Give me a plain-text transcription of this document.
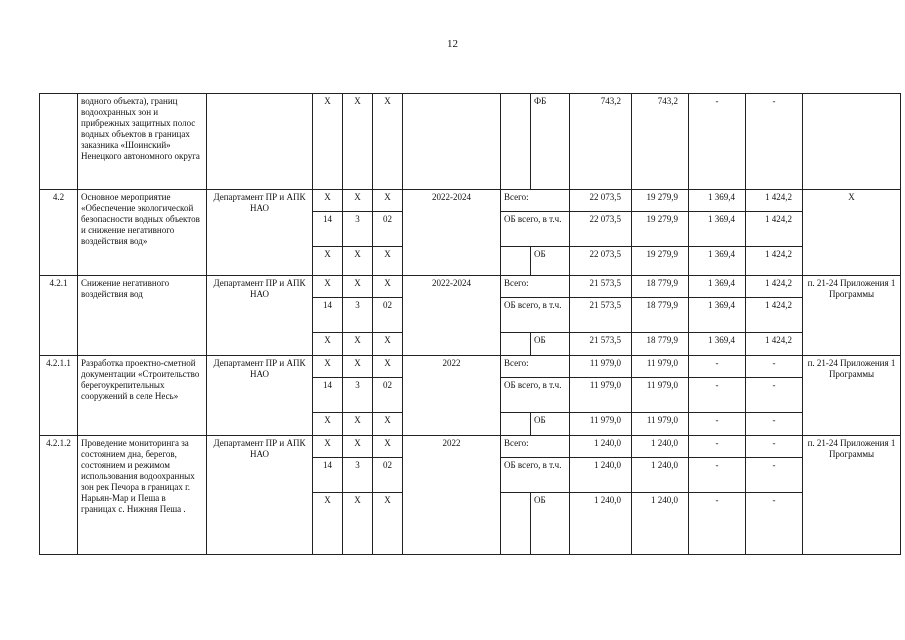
12
	водного объекта), границ водоохранных зон и прибрежных защитных полос водных объектов в границах заказника «Шоинский» Ненецкого автономного округа		Х	Х	Х			ФБ	743,2	743,2	-	-	
4.2	Основное мероприятие «Обеспечение экологической безопасности водных объектов и снижение негативного воздействия вод»	Департамент ПР и АПК НАО	Х	Х	Х	2022-2024	Всего:		22 073,5	19 279,9	1 369,4	1 424,2	Х
			14	3	02		ОБ всего, в т.ч.		22 073,5	19 279,9	1 369,4	1 424,2	
			Х	Х	Х			ОБ	22 073,5	19 279,9	1 369,4	1 424,2	
4.2.1	Снижение негативного воздействия вод	Департамент ПР и АПК НАО	Х	Х	Х	2022-2024	Всего:		21 573,5	18 779,9	1 369,4	1 424,2	п. 21-24 Приложения 1 Программы
			14	3	02		ОБ всего, в т.ч.		21 573,5	18 779,9	1 369,4	1 424,2	
			Х	Х	Х			ОБ	21 573,5	18 779,9	1 369,4	1 424,2	
4.2.1.1	Разработка проектно-сметной документации «Строительство берегоукрепительных сооружений в селе Несь»	Департамент ПР и АПК НАО	Х	Х	Х	2022	Всего:		11 979,0	11 979,0	-	-	п. 21-24 Приложения 1 Программы
			14	3	02		ОБ всего, в т.ч.		11 979,0	11 979,0	-	-	
			Х	Х	Х			ОБ	11 979,0	11 979,0	-	-	
4.2.1.2	Проведение мониторинга за состоянием дна, берегов, состоянием и режимом использования водоохранных зон рек Печора в границах г. Нарьян-Мар и Пеша в границах с. Нижняя Пеша .	Департамент ПР и АПК НАО	Х	Х	Х	2022	Всего:		1 240,0	1 240,0	-	-	п. 21-24 Приложения 1 Программы
			14	3	02		ОБ всего, в т.ч.		1 240,0	1 240,0	-	-	
			Х	Х	Х			ОБ	1 240,0	1 240,0	-	-	
